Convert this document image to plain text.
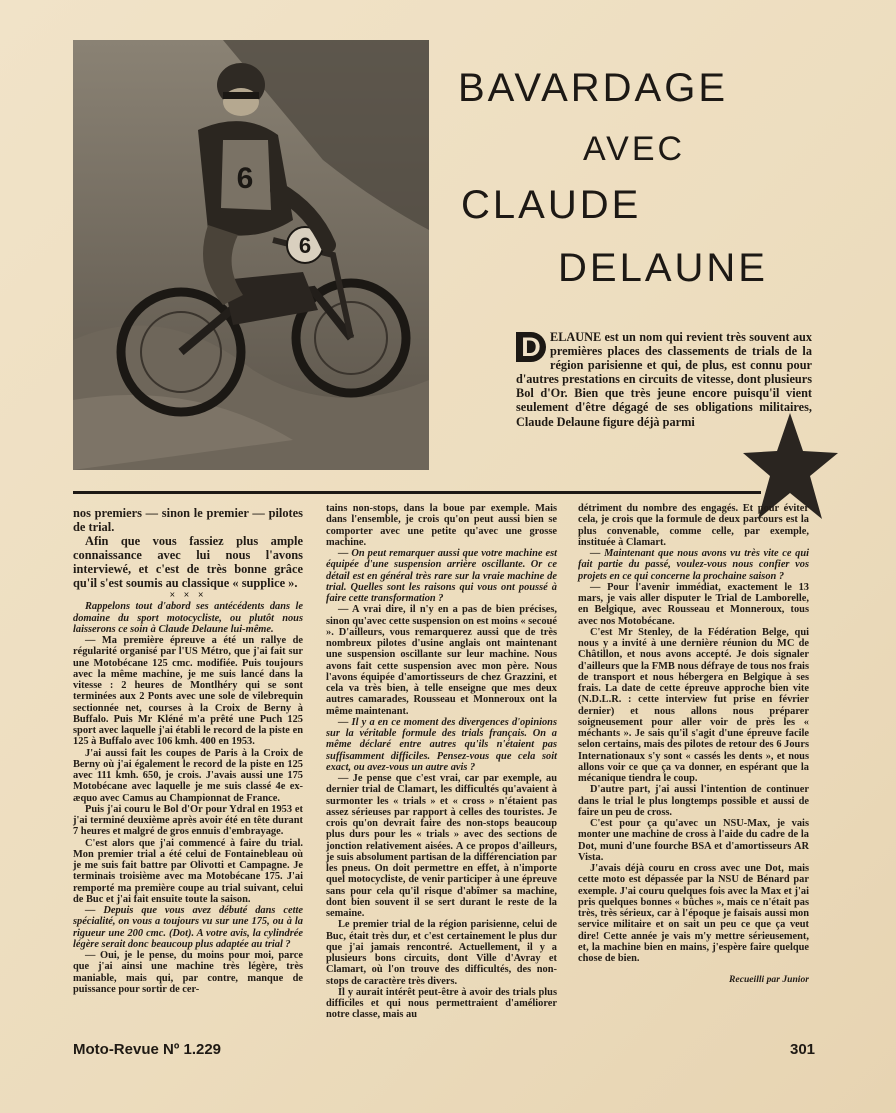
6
6
BAVARDAGE
AVEC
CLAUDE
DELAUNE
D ELAUNE est un nom qui revient très souvent aux premières places des classements de trials de la région parisienne et qui, de plus, est connu pour d'autres prestations en circuits de vitesse, dont plusieurs Bol d'Or. Bien que très jeune encore puisqu'il vient seulement d'être dégagé de ses obligations militaires, Claude Delaune figure déjà parmi

nos premiers — sinon le premier — pilotes de trial.

Afin que vous fassiez plus ample connaissance avec lui nous l'avons interviewé, et c'est de très bonne grâce qu'il s'est soumis au classique « supplice ».

× × ×

Rappelons tout d'abord ses antécédents dans le domaine du sport motocycliste, ou plutôt nous laisserons ce soin à Claude Delaune lui-même.

— Ma première épreuve a été un rallye de régularité organisé par l'US Métro, que j'ai fait sur une Motobécane 125 cmc. modifiée. Puis toujours avec la même machine, je me suis lancé dans la vitesse : 2 heures de Montlhéry qui se sont terminées aux 2 Ponts avec une sole de vilebrequin sectionnée net, courses à la Croix de Berny à Buffalo. Puis Mr Kléné m'a prêté une Puch 125 sport avec laquelle j'ai établi le record de la piste en 125 à Buffalo avec 106 kmh. 400 en 1953.

J'ai aussi fait les coupes de Paris à la Croix de Berny où j'ai également le record de la piste en 125 avec 111 kmh. 650, je crois. J'avais aussi une 175 Motobécane avec laquelle je me suis classé 4e ex-æquo avec Camus au Championnat de France.

Puis j'ai couru le Bol d'Or pour Ydral en 1953 et j'ai terminé deuxième après avoir été en tête durant 7 heures et malgré de gros ennuis d'embrayage.

C'est alors que j'ai commencé à faire du trial. Mon premier trial a été celui de Fontainebleau où je me suis fait battre par Olivotti et Campagne. Je terminais troisième avec ma Motobécane 175. J'ai remporté ma première coupe au trial suivant, celui de Buc et j'ai fait ensuite toute la saison.

— Depuis que vous avez débuté dans cette spécialité, on vous a toujours vu sur une 175, ou à la rigueur une 200 cmc. (Dot). A votre avis, la cylindrée légère serait donc beaucoup plus adaptée au trial ?

— Oui, je le pense, du moins pour moi, parce que j'ai ainsi une machine très légère, très maniable, mais qui, par contre, manque de puissance pour sortir de cer-

tains non-stops, dans la boue par exemple. Mais dans l'ensemble, je crois qu'on peut aussi bien se comporter avec une petite qu'avec une grosse machine.

— On peut remarquer aussi que votre machine est équipée d'une suspension arrière oscillante. Or ce détail est en général très rare sur la vraie machine de trial. Quelles sont les raisons qui vous ont poussé à faire cette transformation ?

— A vrai dire, il n'y en a pas de bien précises, sinon qu'avec cette suspension on est moins « secoué ». D'ailleurs, vous remarquerez aussi que de très nombreux pilotes d'usine anglais ont maintenant une suspension oscillante sur leur machine. Nous avons fait cette suspension avec mon père. Nous l'avons équipée d'amortisseurs de chez Grazzini, et cela va très bien, à telle enseigne que mes deux autres camarades, Rousseau et Monneroux ont la même maintenant.

— Il y a en ce moment des divergences d'opinions sur la véritable formule des trials français. On a même déclaré entre autres qu'ils n'étaient pas suffisamment difficiles. Pensez-vous que cela soit exact, ou avez-vous un autre avis ?

— Je pense que c'est vrai, car par exemple, au dernier trial de Clamart, les difficultés qu'avaient à surmonter les « trials » et « cross » n'étaient pas assez sérieuses par rapport à celles des touristes. Je crois qu'on devrait faire des non-stops beaucoup plus durs pour les « trials » avec des sections de jonction relativement aisées. A ce propos d'ailleurs, je suis absolument partisan de la différenciation par les pneus. On doit permettre en effet, à n'importe quel motocycliste, de venir participer à une épreuve sans pour cela qu'il risque d'abîmer sa machine, dont bien souvent il se sert durant le reste de la semaine.

Le premier trial de la région parisienne, celui de Buc, était très dur, et c'est certainement le plus dur que j'ai jamais rencontré. Actuellement, il y a plusieurs bons circuits, dont Ville d'Avray et Clamart, où l'on trouve des difficultés, des non-stops de caractère très divers.

Il y aurait intérêt peut-être à avoir des trials plus difficiles et qui nous permettraient d'améliorer notre classe, mais au

détriment du nombre des engagés. Et pour éviter cela, je crois que la formule de deux parcours est la plus convenable, comme celle, par exemple, instituée à Clamart.

— Maintenant que nous avons vu très vite ce qui fait partie du passé, voulez-vous nous confier vos projets en ce qui concerne la prochaine saison ?

— Pour l'avenir immédiat, exactement le 13 mars, je vais aller disputer le Trial de Lamborelle, en Belgique, avec Rousseau et Monneroux, tous avec nos Motobécane.

C'est Mr Stenley, de la Fédération Belge, qui nous y a invité à une dernière réunion du MC de Châtillon, et nous avons accepté. Je dois signaler d'ailleurs que la FMB nous défraye de tous nos frais de transport et nous hébergera en Belgique à ses frais. La date de cette épreuve approche bien vite (N.D.L.R. : cette interview fut prise en février dernier) et nous allons nous préparer soigneusement pour aller voir de près les « méchants ». Je sais qu'il s'agit d'une épreuve facile selon certains, mais des pilotes de retour des 6 Jours Internationaux s'y sont « cassés les dents », et nous allons voir ce que ça va donner, en espérant que la mécanique tiendra le coup.

D'autre part, j'ai aussi l'intention de continuer dans le trial le plus longtemps possible et aussi de faire un peu de cross.

C'est pour ça qu'avec un NSU-Max, je vais monter une machine de cross à l'aide du cadre de la Dot, muni d'une fourche BSA et d'amortisseurs AR Vista.

J'avais déjà couru en cross avec une Dot, mais cette moto est dépassée par la NSU de Bénard par exemple. J'ai couru quelques fois avec la Max et j'ai pris quelques bonnes « bûches », mais ce n'était pas très, très sérieux, car à l'époque je faisais aussi mon service militaire et on sait un peu ce que ça veut dire! Cette année je vais m'y mettre sérieusement, et, la machine bien en mains, j'espère faire quelque chose de bien.

Recueilli par Junior

Moto-Revue Nº 1.229	301
